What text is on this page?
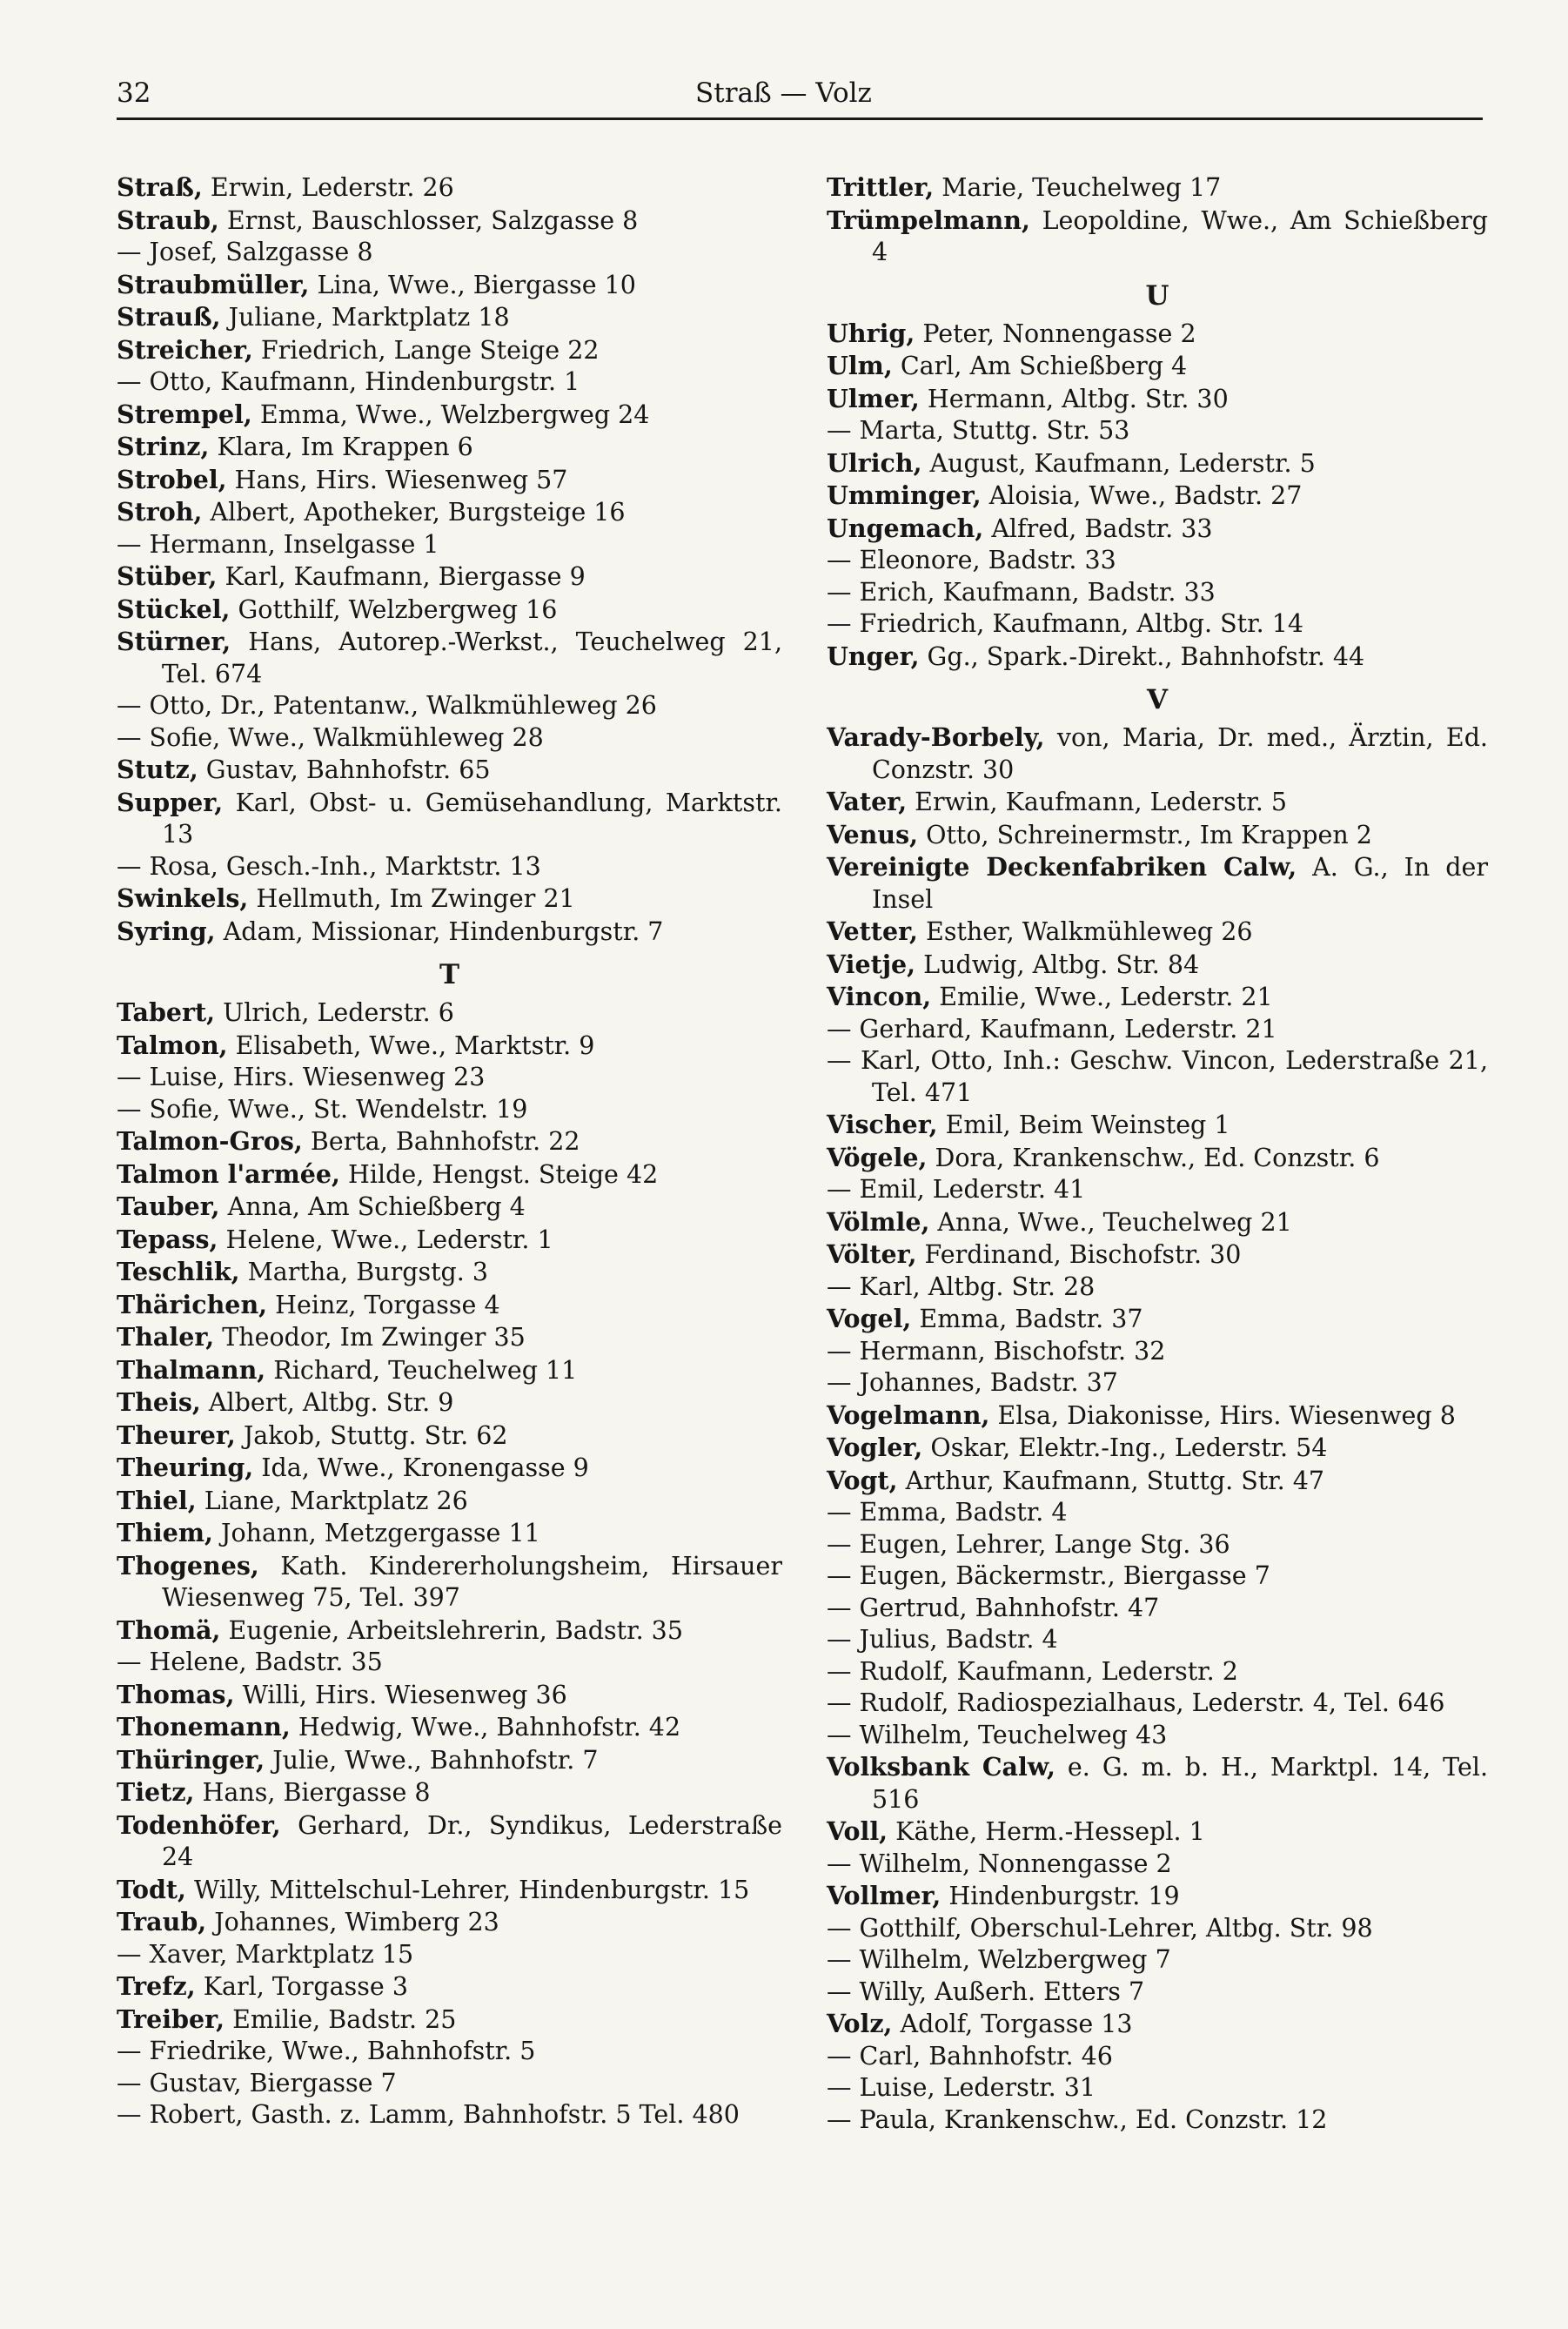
32	Straß — Volz
Straß, Erwin, Lederstr. 26
Straub, Ernst, Bauschlosser, Salzgasse 8
— Josef, Salzgasse 8
Straubmüller, Lina, Wwe., Biergasse 10
Strauß, Juliane, Marktplatz 18
Streicher, Friedrich, Lange Steige 22
— Otto, Kaufmann, Hindenburgstr. 1
Strempel, Emma, Wwe., Welzbergweg 24
Strinz, Klara, Im Krappen 6
Strobel, Hans, Hirs. Wiesenweg 57
Stroh, Albert, Apotheker, Burgsteige 16
— Hermann, Inselgasse 1
Stüber, Karl, Kaufmann, Biergasse 9
Stückel, Gotthilf, Welzbergweg 16
Stürner, Hans, Autorep.-Werkst., Teuchelweg 21, Tel. 674
— Otto, Dr., Patentanw., Walkmühleweg 26
— Sofie, Wwe., Walkmühleweg 28
Stutz, Gustav, Bahnhofstr. 65
Supper, Karl, Obst- u. Gemüsehandlung, Marktstr. 13
— Rosa, Gesch.-Inh., Marktstr. 13
Swinkels, Hellmuth, Im Zwinger 21
Syring, Adam, Missionar, Hindenburgstr. 7
T
Tabert, Ulrich, Lederstr. 6
Talmon, Elisabeth, Wwe., Marktstr. 9
— Luise, Hirs. Wiesenweg 23
— Sofie, Wwe., St. Wendelstr. 19
Talmon-Gros, Berta, Bahnhofstr. 22
Talmon l'armée, Hilde, Hengst. Steige 42
Tauber, Anna, Am Schießberg 4
Tepass, Helene, Wwe., Lederstr. 1
Teschlik, Martha, Burgstg. 3
Thärichen, Heinz, Torgasse 4
Thaler, Theodor, Im Zwinger 35
Thalmann, Richard, Teuchelweg 11
Theis, Albert, Altbg. Str. 9
Theurer, Jakob, Stuttg. Str. 62
Theuring, Ida, Wwe., Kronengasse 9
Thiel, Liane, Marktplatz 26
Thiem, Johann, Metzgergasse 11
Thogenes, Kath. Kindererholungsheim, Hirsauer Wiesenweg 75, Tel. 397
Thomä, Eugenie, Arbeitslehrerin, Badstr. 35
— Helene, Badstr. 35
Thomas, Willi, Hirs. Wiesenweg 36
Thonemann, Hedwig, Wwe., Bahnhofstr. 42
Thüringer, Julie, Wwe., Bahnhofstr. 7
Tietz, Hans, Biergasse 8
Todenhöfer, Gerhard, Dr., Syndikus, Lederstraße 24
Todt, Willy, Mittelschul-Lehrer, Hindenburgstr. 15
Traub, Johannes, Wimberg 23
— Xaver, Marktplatz 15
Trefz, Karl, Torgasse 3
Treiber, Emilie, Badstr. 25
— Friedrike, Wwe., Bahnhofstr. 5
— Gustav, Biergasse 7
— Robert, Gasth. z. Lamm, Bahnhofstr. 5 Tel. 480
Trittler, Marie, Teuchelweg 17
Trümpelmann, Leopoldine, Wwe., Am Schießberg 4
U
Uhrig, Peter, Nonnengasse 2
Ulm, Carl, Am Schießberg 4
Ulmer, Hermann, Altbg. Str. 30
— Marta, Stuttg. Str. 53
Ulrich, August, Kaufmann, Lederstr. 5
Umminger, Aloisia, Wwe., Badstr. 27
Ungemach, Alfred, Badstr. 33
— Eleonore, Badstr. 33
— Erich, Kaufmann, Badstr. 33
— Friedrich, Kaufmann, Altbg. Str. 14
Unger, Gg., Spark.-Direkt., Bahnhofstr. 44
V
Varady-Borbely, von, Maria, Dr. med., Ärztin, Ed. Conzstr. 30
Vater, Erwin, Kaufmann, Lederstr. 5
Venus, Otto, Schreinermstr., Im Krappen 2
Vereinigte Deckenfabriken Calw, A. G., In der Insel
Vetter, Esther, Walkmühleweg 26
Vietje, Ludwig, Altbg. Str. 84
Vincon, Emilie, Wwe., Lederstr. 21
— Gerhard, Kaufmann, Lederstr. 21
— Karl, Otto, Inh.: Geschw. Vincon, Lederstraße 21, Tel. 471
Vischer, Emil, Beim Weinsteg 1
Vögele, Dora, Krankenschw., Ed. Conzstr. 6
— Emil, Lederstr. 41
Völmle, Anna, Wwe., Teuchelweg 21
Völter, Ferdinand, Bischofstr. 30
— Karl, Altbg. Str. 28
Vogel, Emma, Badstr. 37
— Hermann, Bischofstr. 32
— Johannes, Badstr. 37
Vogelmann, Elsa, Diakonisse, Hirs. Wiesenweg 8
Vogler, Oskar, Elektr.-Ing., Lederstr. 54
Vogt, Arthur, Kaufmann, Stuttg. Str. 47
— Emma, Badstr. 4
— Eugen, Lehrer, Lange Stg. 36
— Eugen, Bäckermstr., Biergasse 7
— Gertrud, Bahnhofstr. 47
— Julius, Badstr. 4
— Rudolf, Kaufmann, Lederstr. 2
— Rudolf, Radiospezialhaus, Lederstr. 4, Tel. 646
— Wilhelm, Teuchelweg 43
Volksbank Calw, e. G. m. b. H., Marktpl. 14, Tel. 516
Voll, Käthe, Herm.-Hessepl. 1
— Wilhelm, Nonnengasse 2
Vollmer, Hindenburgstr. 19
— Gotthilf, Oberschul-Lehrer, Altbg. Str. 98
— Wilhelm, Welzbergweg 7
— Willy, Außerh. Etters 7
Volz, Adolf, Torgasse 13
— Carl, Bahnhofstr. 46
— Luise, Lederstr. 31
— Paula, Krankenschw., Ed. Conzstr. 12
